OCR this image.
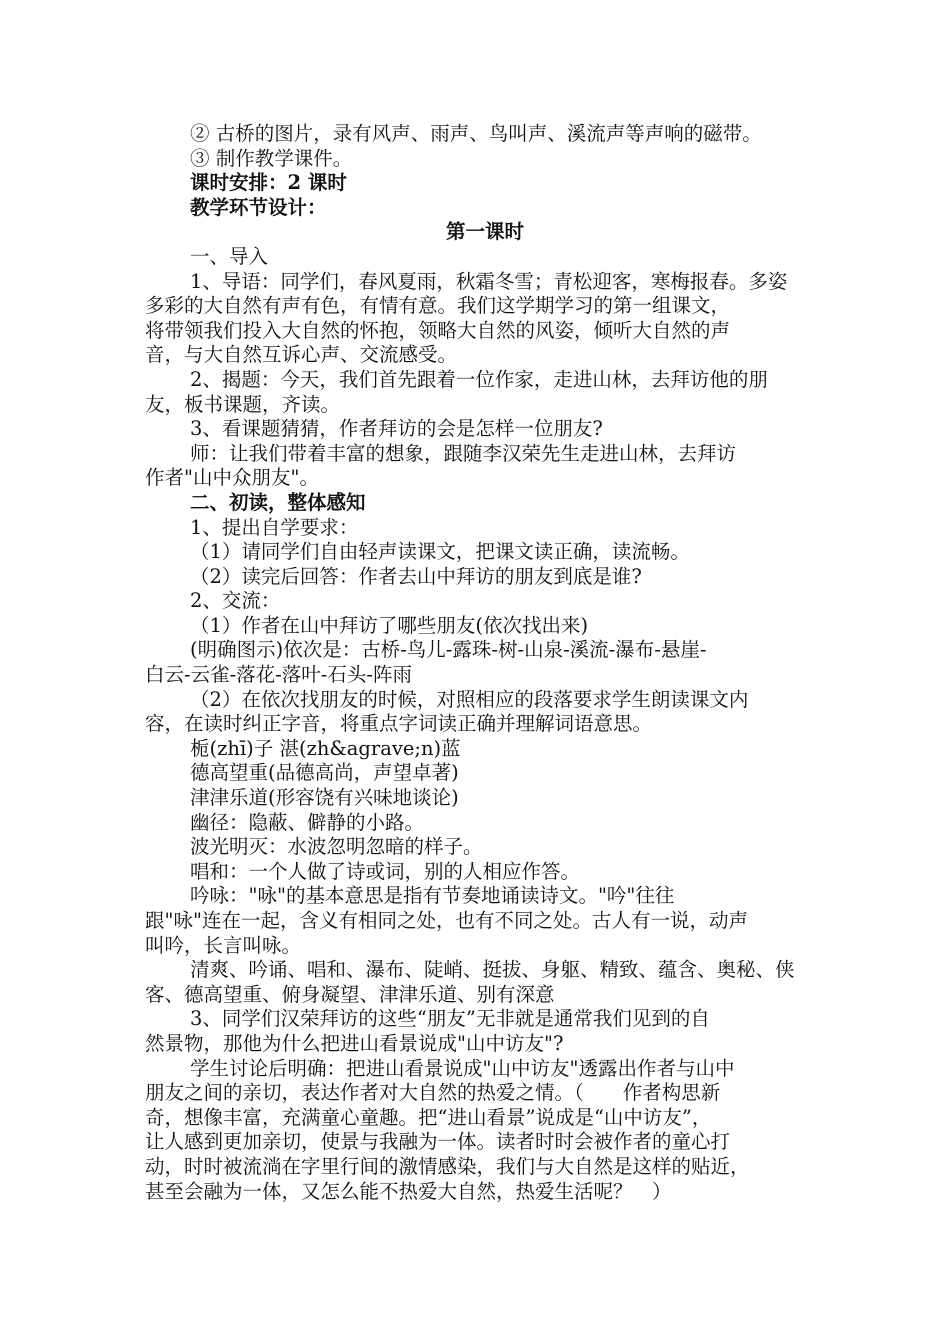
② 古桥的图片，录有风声、雨声、鸟叫声、溪流声等声响的磁带。

③ 制作教学课件。

课时安排：2 课时

教学环节设计：

第一课时

一、导入

1、导语：同学们，春风夏雨，秋霜冬雪；青松迎客，寒梅报春。多姿

多彩的大自然有声有色，有情有意。我们这学期学习的第一组课文，

将带领我们投入大自然的怀抱，领略大自然的风姿，倾听大自然的声

音，与大自然互诉心声、交流感受。

2、揭题：今天，我们首先跟着一位作家，走进山林，去拜访他的朋

友，板书课题，齐读。

3、看课题猜猜，作者拜访的会是怎样一位朋友?

师：让我们带着丰富的想象，跟随李汉荣先生走进山林，去拜访

作者"山中众朋友"。

二、初读，整体感知

1、提出自学要求：

（1）请同学们自由轻声读课文，把课文读正确，读流畅。

（2）读完后回答：作者去山中拜访的朋友到底是谁?

2、交流：

（1）作者在山中拜访了哪些朋友(依次找出来)

(明确图示)依次是：古桥-鸟儿-露珠-树-山泉-溪流-瀑布-悬崖-

白云-云雀-落花-落叶-石头-阵雨

（2）在依次找朋友的时候，对照相应的段落要求学生朗读课文内

容，在读时纠正字音，将重点字词读正确并理解词语意思。

栀(zhī)子 湛(zh&agrave;n)蓝

德高望重(品德高尚，声望卓著)

津津乐道(形容饶有兴味地谈论)

幽径：隐蔽、僻静的小路。

波光明灭：水波忽明忽暗的样子。

唱和：一个人做了诗或词，别的人相应作答。

吟咏："咏"的基本意思是指有节奏地诵读诗文。"吟"往往

跟"咏"连在一起，含义有相同之处，也有不同之处。古人有一说，动声

叫吟，长言叫咏。

清爽、吟诵、唱和、瀑布、陡峭、挺拔、身躯、精致、蕴含、奥秘、侠

客、德高望重、俯身凝望、津津乐道、别有深意

3、同学们汉荣拜访的这些“朋友”无非就是通常我们见到的自

然景物，那他为什么把进山看景说成"山中访友"?

学生讨论后明确：把进山看景说成"山中访友"透露出作者与山中

朋友之间的亲切，表达作者对大自然的热爱之情。（　　作者构思新

奇，想像丰富，充满童心童趣。把“进山看景”说成是“山中访友”，

让人感到更加亲切，使景与我融为一体。读者时时会被作者的童心打

动，时时被流淌在字里行间的激情感染，我们与大自然是这样的贴近，

甚至会融为一体，又怎么能不热爱大自然，热爱生活呢？　）
